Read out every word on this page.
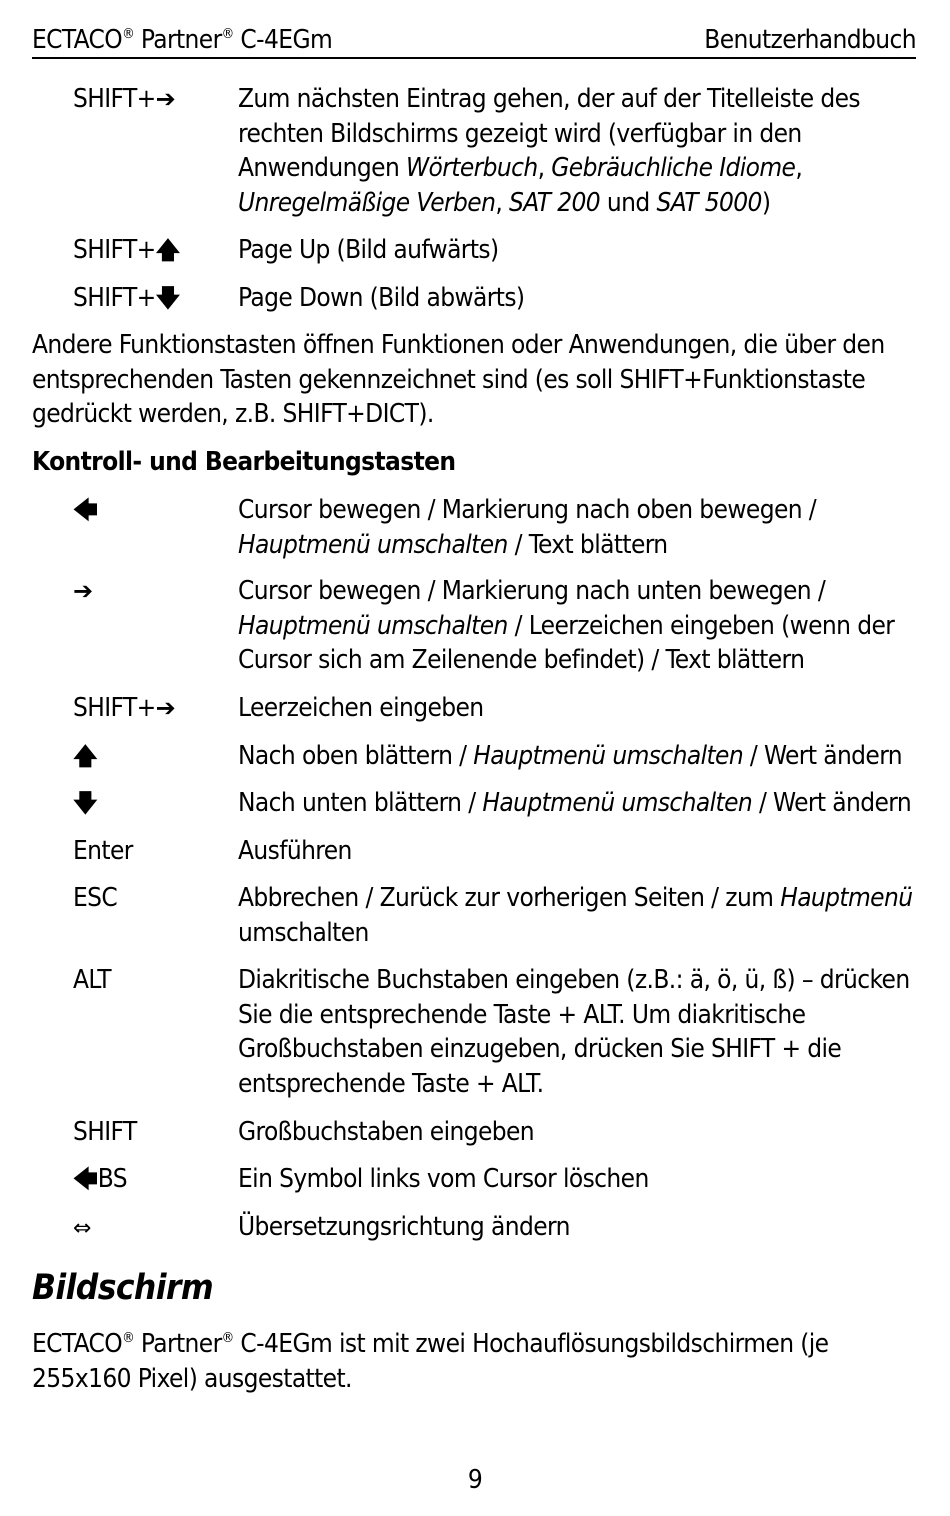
ECTACO® Partner® C-4EGm	Benutzerhandbuch
SHIFT+➔ Zum nächsten Eintrag gehen, der auf der Titelleiste des rechten Bildschirms gezeigt wird (verfügbar in den Anwendungen Wörterbuch, Gebräuchliche Idiome, Unregelmäßige Verben, SAT 200 und SAT 5000)
SHIFT+🡅 Page Up (Bild aufwärts)
SHIFT+🡇 Page Down (Bild abwärts)
Andere Funktionstasten öffnen Funktionen oder Anwendungen, die über den entsprechenden Tasten gekennzeichnet sind (es soll SHIFT+Funktionstaste gedrückt werden, z.B. SHIFT+DICT).
Kontroll- und Bearbeitungstasten
🡄	Cursor bewegen / Markierung nach oben bewegen / Hauptmenü umschalten / Text blättern
➔	Cursor bewegen / Markierung nach unten bewegen / Hauptmenü umschalten / Leerzeichen eingeben (wenn der Cursor sich am Zeilenende befindet) / Text blättern
SHIFT+➔ Leerzeichen eingeben
🡅	Nach oben blättern / Hauptmenü umschalten / Wert ändern
🡇	Nach unten blättern / Hauptmenü umschalten / Wert ändern
Enter	Ausführen
ESC	Abbrechen / Zurück zur vorherigen Seiten / zum Hauptmenü umschalten
ALT	Diakritische Buchstaben eingeben (z.B.: ä, ö, ü, ß) – drücken Sie die entsprechende Taste + ALT. Um diakritische Großbuchstaben einzugeben, drücken Sie SHIFT + die entsprechende Taste + ALT.
SHIFT	Großbuchstaben eingeben
🡄BS	Ein Symbol links vom Cursor löschen
⇔	Übersetzungsrichtung ändern
Bildschirm
ECTACO® Partner® C-4EGm ist mit zwei Hochauflösungsbildschirmen (je 255x160 Pixel) ausgestattet.
9
